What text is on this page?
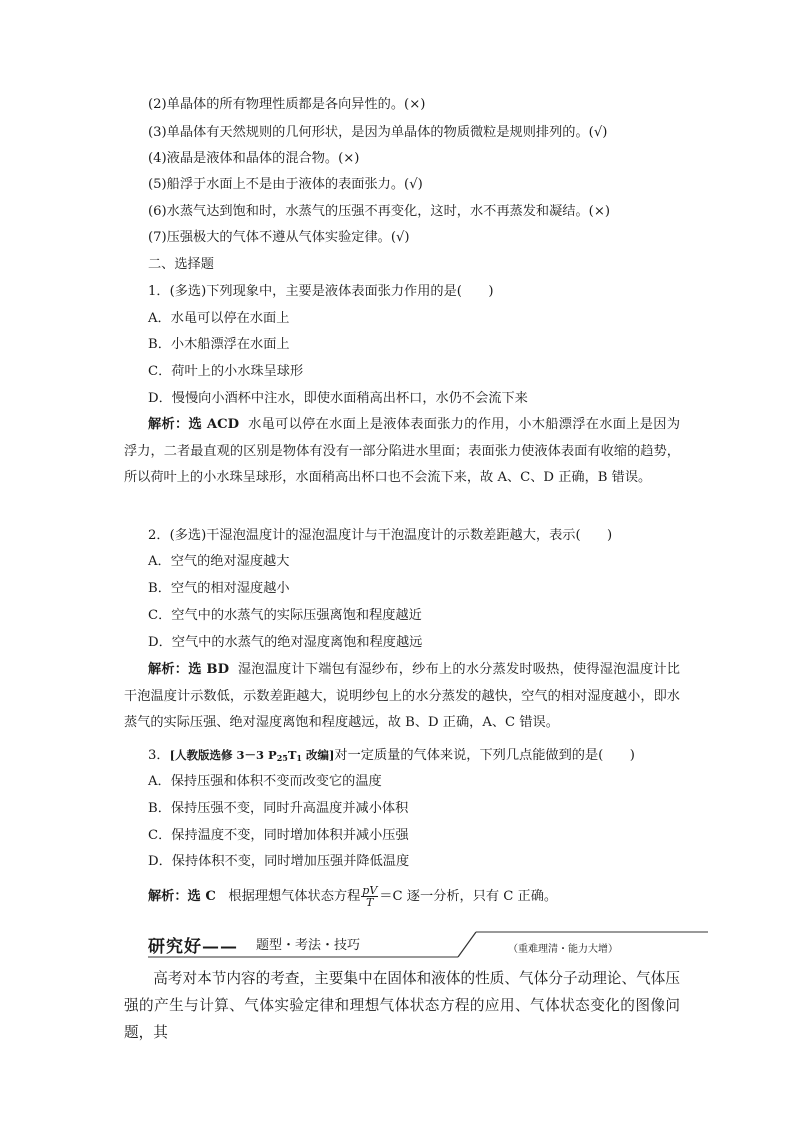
(2)单晶体的所有物理性质都是各向异性的。(×)
(3)单晶体有天然规则的几何形状，是因为单晶体的物质微粒是规则排列的。(√)
(4)液晶是液体和晶体的混合物。(×)
(5)船浮于水面上不是由于液体的表面张力。(√)
(6)水蒸气达到饱和时，水蒸气的压强不再变化，这时，水不再蒸发和凝结。(×)
(7)压强极大的气体不遵从气体实验定律。(√)
二、选择题
1．(多选)下列现象中，主要是液体表面张力作用的是(　　)
A．水黾可以停在水面上
B．小木船漂浮在水面上
C．荷叶上的小水珠呈球形
D．慢慢向小酒杯中注水，即使水面稍高出杯口，水仍不会流下来
解析：选 ACD 水黾可以停在水面上是液体表面张力的作用，小木船漂浮在水面上是因为浮力，二者最直观的区别是物体有没有一部分陷进水里面；表面张力使液体表面有收缩的趋势，所以荷叶上的小水珠呈球形，水面稍高出杯口也不会流下来，故 A、C、D 正确，B 错误。
2．(多选)干湿泡温度计的湿泡温度计与干泡温度计的示数差距越大，表示(　　)
A．空气的绝对湿度越大
B．空气的相对湿度越小
C．空气中的水蒸气的实际压强离饱和程度越近
D．空气中的水蒸气的绝对湿度离饱和程度越远
解析：选 BD 湿泡温度计下端包有湿纱布，纱布上的水分蒸发时吸热，使得湿泡温度计比干泡温度计示数低，示数差距越大，说明纱包上的水分蒸发的越快，空气的相对湿度越小，即水蒸气的实际压强、绝对湿度离饱和程度越远，故 B、D 正确，A、C 错误。
3．[人教版选修 3－3 $P_{25}T_1$ 改编]对一定质量的气体来说，下列几点能做到的是(　　)
A．保持压强和体积不变而改变它的温度
B．保持压强不变，同时升高温度并减小体积
C．保持温度不变，同时增加体积并减小压强
D．保持体积不变，同时增加压强并降低温度
解析：选 C 根据理想气体状态方程 $\frac{pV}{T} =C$ 逐一分析，只有 C 正确。
研究好—— 题型・考法・技巧	（重难理清・能力大增）
高考对本节内容的考查，主要集中在固体和液体的性质、气体分子动理论、气体压强的产生与计算、气体实验定律和理想气体状态方程的应用、气体状态变化的图像问题，其
